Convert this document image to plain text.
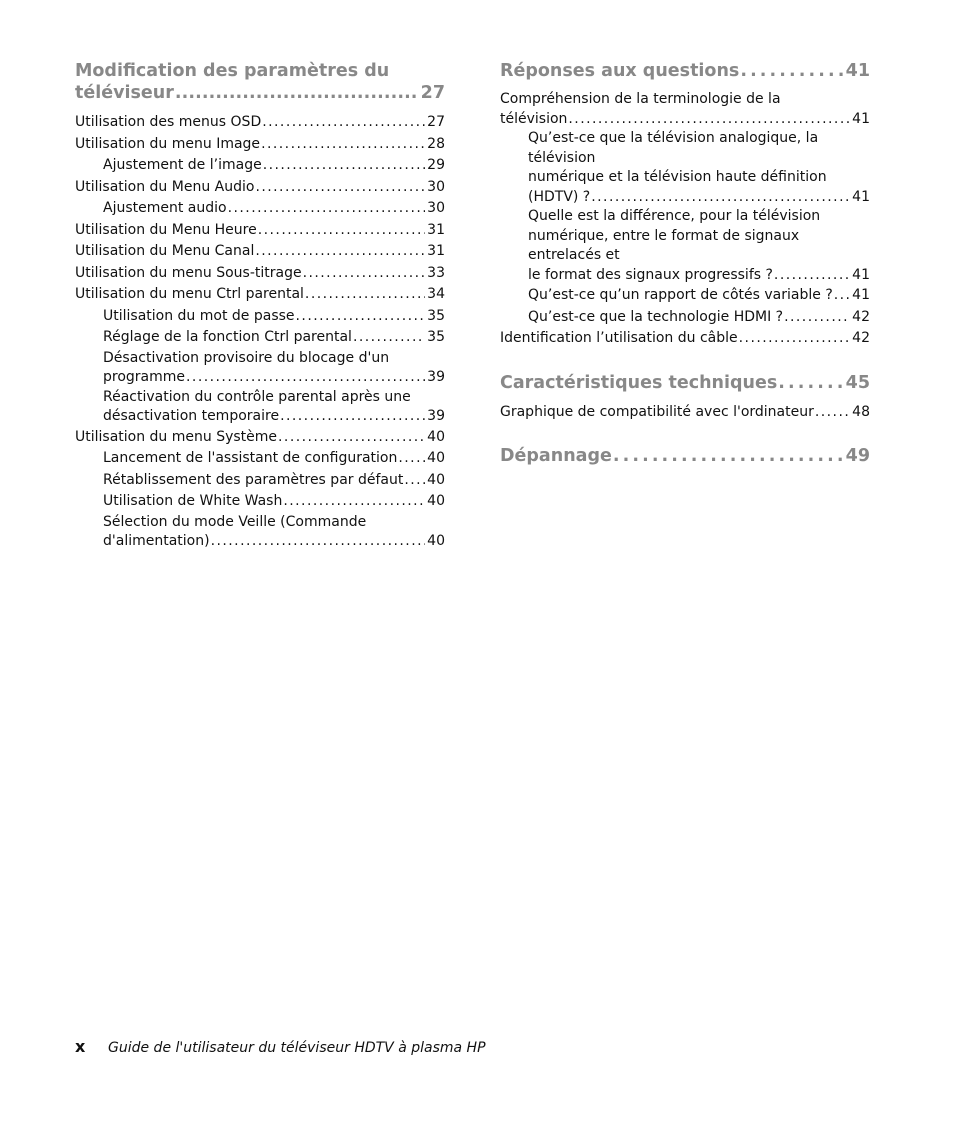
Modification des paramètres du
téléviseur . . .	27
Utilisation des menus OSD . . .	27
Utilisation du menu Image . . .	28
Ajustement de l’image . . .	29
Utilisation du Menu Audio . . .	30
Ajustement audio . . .	30
Utilisation du Menu Heure . . .	31
Utilisation du Menu Canal . . .	31
Utilisation du menu Sous-titrage . . .	33
Utilisation du menu Ctrl parental . . .	34
Utilisation du mot de passe . . .	35
Réglage de la fonction Ctrl parental . . .	35
Désactivation provisoire du blocage d'un
programme . . .	39
Réactivation du contrôle parental après une
désactivation temporaire . . .	39
Utilisation du menu Système . . .	40
Lancement de l'assistant de configuration . . . 40
Rétablissement des paramètres par défaut . . . 40
Utilisation de White Wash . . .	40
Sélection du mode Veille (Commande
d'alimentation) . . .	40
Réponses aux questions . . .	41
Compréhension de la terminologie de la
télévision . . .	41
Qu’est-ce que la télévision analogique, la télévision
numérique et la télévision haute définition
(HDTV) ? . . .	41
Quelle est la différence, pour la télévision
numérique, entre le format de signaux entrelacés et
le format des signaux progressifs ? . . .	41
Qu’est-ce qu’un rapport de côtés variable ? . . . 41
Qu’est-ce que la technologie HDMI ? . . .	42
Identification l’utilisation du câble . . .	42
Caractéristiques techniques . . .	45
Graphique de compatibilité avec l'ordinateur . . .	48
Dépannage . . .	49
x	Guide de l'utilisateur du téléviseur HDTV à plasma HP
